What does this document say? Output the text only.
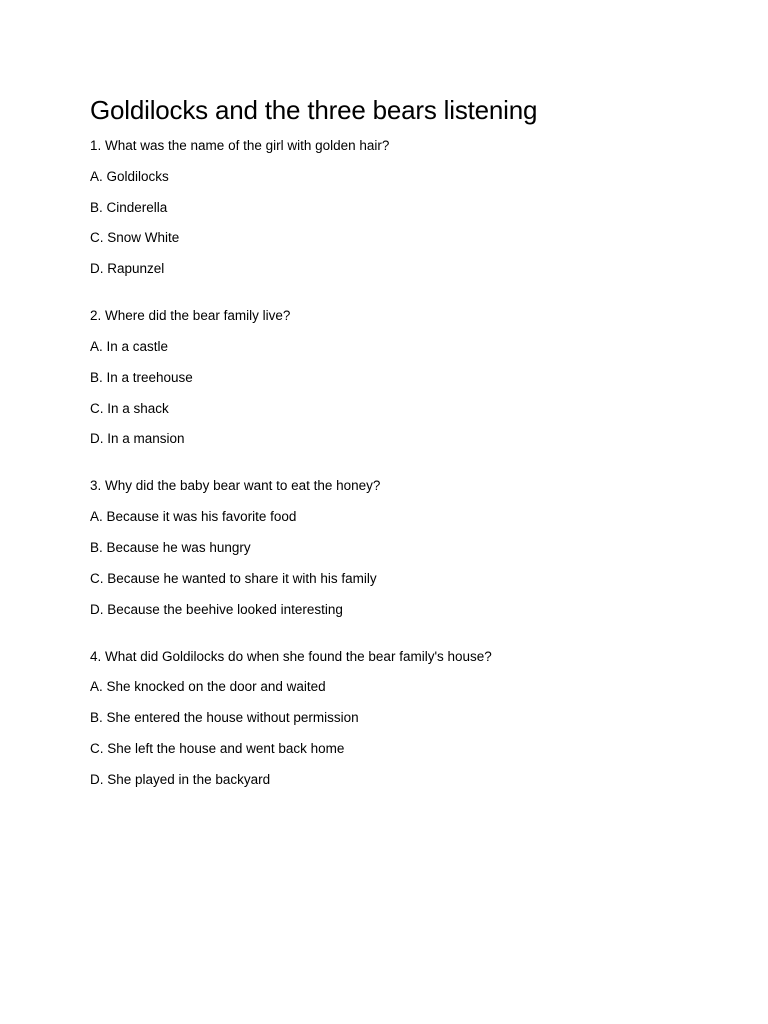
Goldilocks and the three bears listening

1. What was the name of the girl with golden hair?

A. Goldilocks

B. Cinderella

C. Snow White

D. Rapunzel

2. Where did the bear family live?

A. In a castle

B. In a treehouse

C. In a shack

D. In a mansion

3. Why did the baby bear want to eat the honey?

A. Because it was his favorite food

B. Because he was hungry

C. Because he wanted to share it with his family

D. Because the beehive looked interesting

4. What did Goldilocks do when she found the bear family's house?

A. She knocked on the door and waited

B. She entered the house without permission

C. She left the house and went back home

D. She played in the backyard
